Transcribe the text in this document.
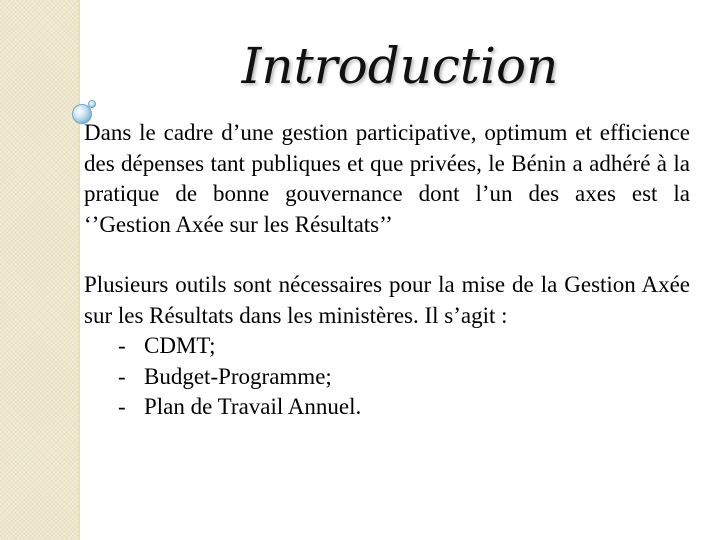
Introduction

Dans le cadre d’une gestion participative, optimum et efficience des dépenses tant publiques et que privées, le Bénin a adhéré à la pratique de bonne gouvernance dont l’un des axes est la ‘’Gestion Axée sur les Résultats’’

Plusieurs outils sont nécessaires pour la mise de la Gestion Axée sur les Résultats dans les ministères. Il s’agit :

- CDMT;
- Budget-Programme;
- Plan de Travail Annuel.
